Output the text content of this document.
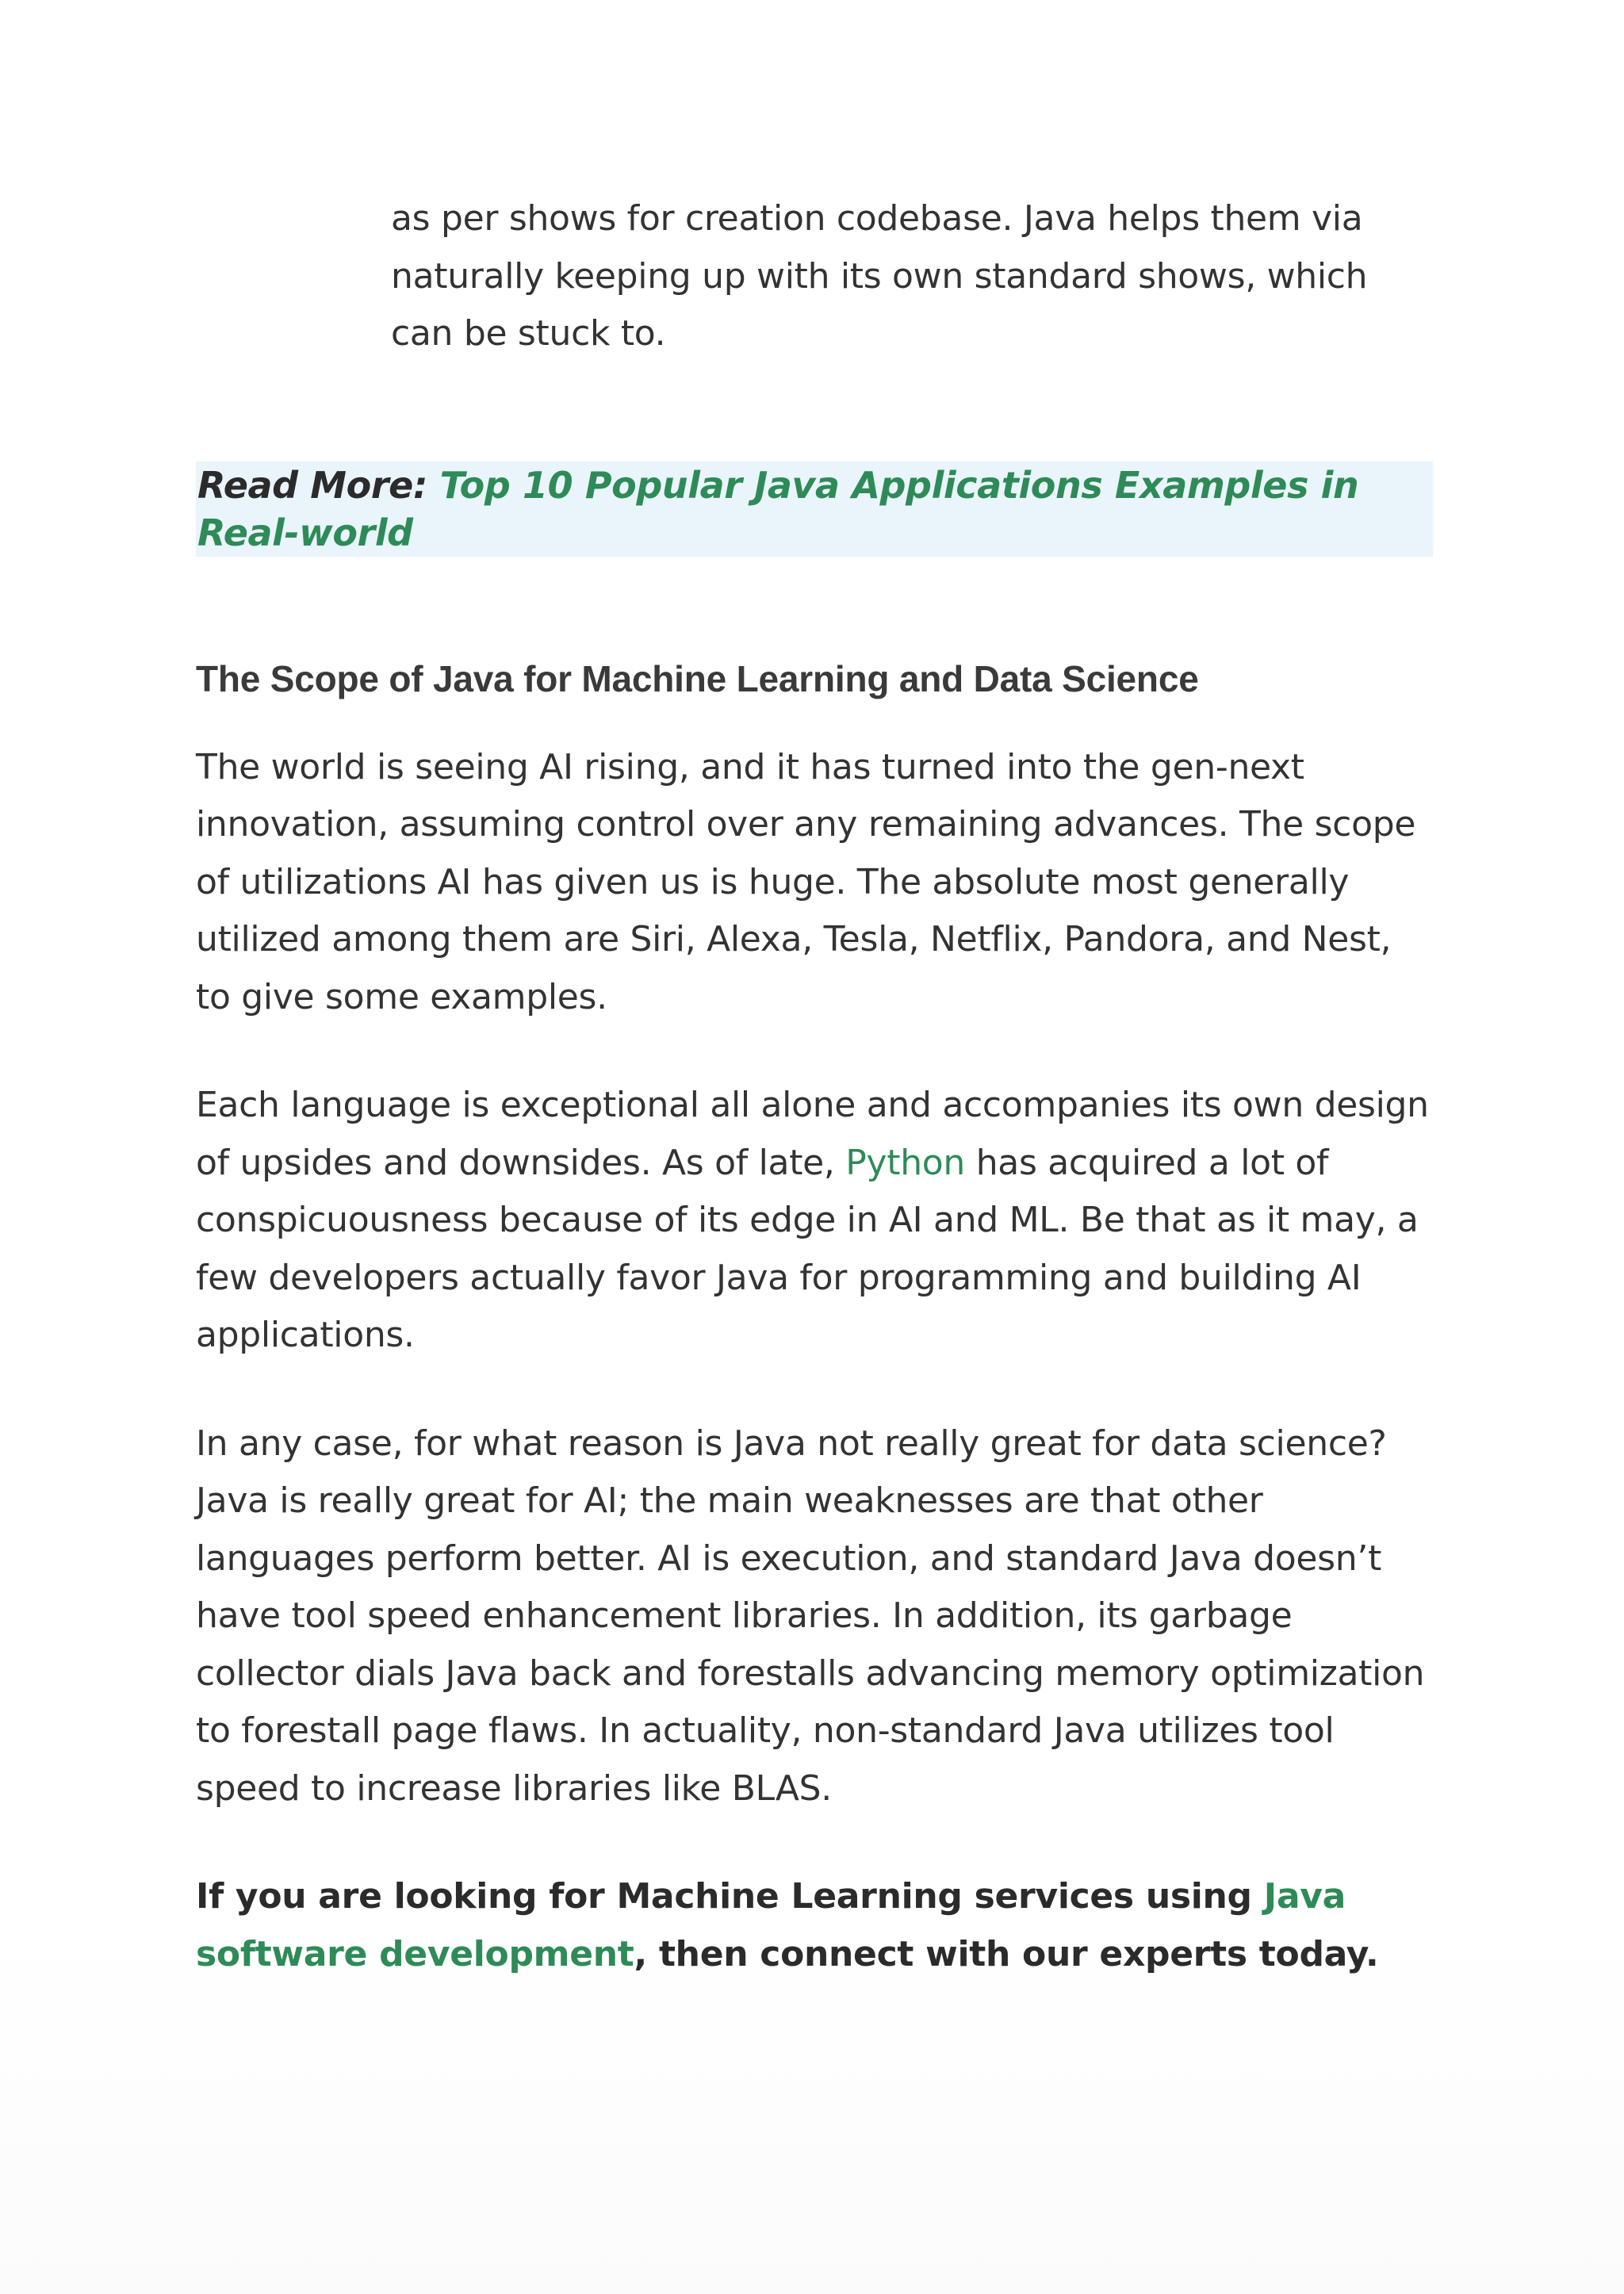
as per shows for creation codebase. Java helps them via naturally keeping up with its own standard shows, which can be stuck to.

Read More: Top 10 Popular Java Applications Examples in Real-world
The Scope of Java for Machine Learning and Data Science

The world is seeing AI rising, and it has turned into the gen-next innovation, assuming control over any remaining advances. The scope of utilizations AI has given us is huge. The absolute most generally utilized among them are Siri, Alexa, Tesla, Netflix, Pandora, and Nest, to give some examples.

Each language is exceptional all alone and accompanies its own design of upsides and downsides. As of late, Python has acquired a lot of conspicuousness because of its edge in AI and ML. Be that as it may, a few developers actually favor Java for programming and building AI applications.

In any case, for what reason is Java not really great for data science? Java is really great for AI; the main weaknesses are that other languages perform better. AI is execution, and standard Java doesn’t have tool speed enhancement libraries. In addition, its garbage collector dials Java back and forestalls advancing memory optimization to forestall page flaws. In actuality, non-standard Java utilizes tool speed to increase libraries like BLAS.

If you are looking for Machine Learning services using Java software development, then connect with our experts today.
